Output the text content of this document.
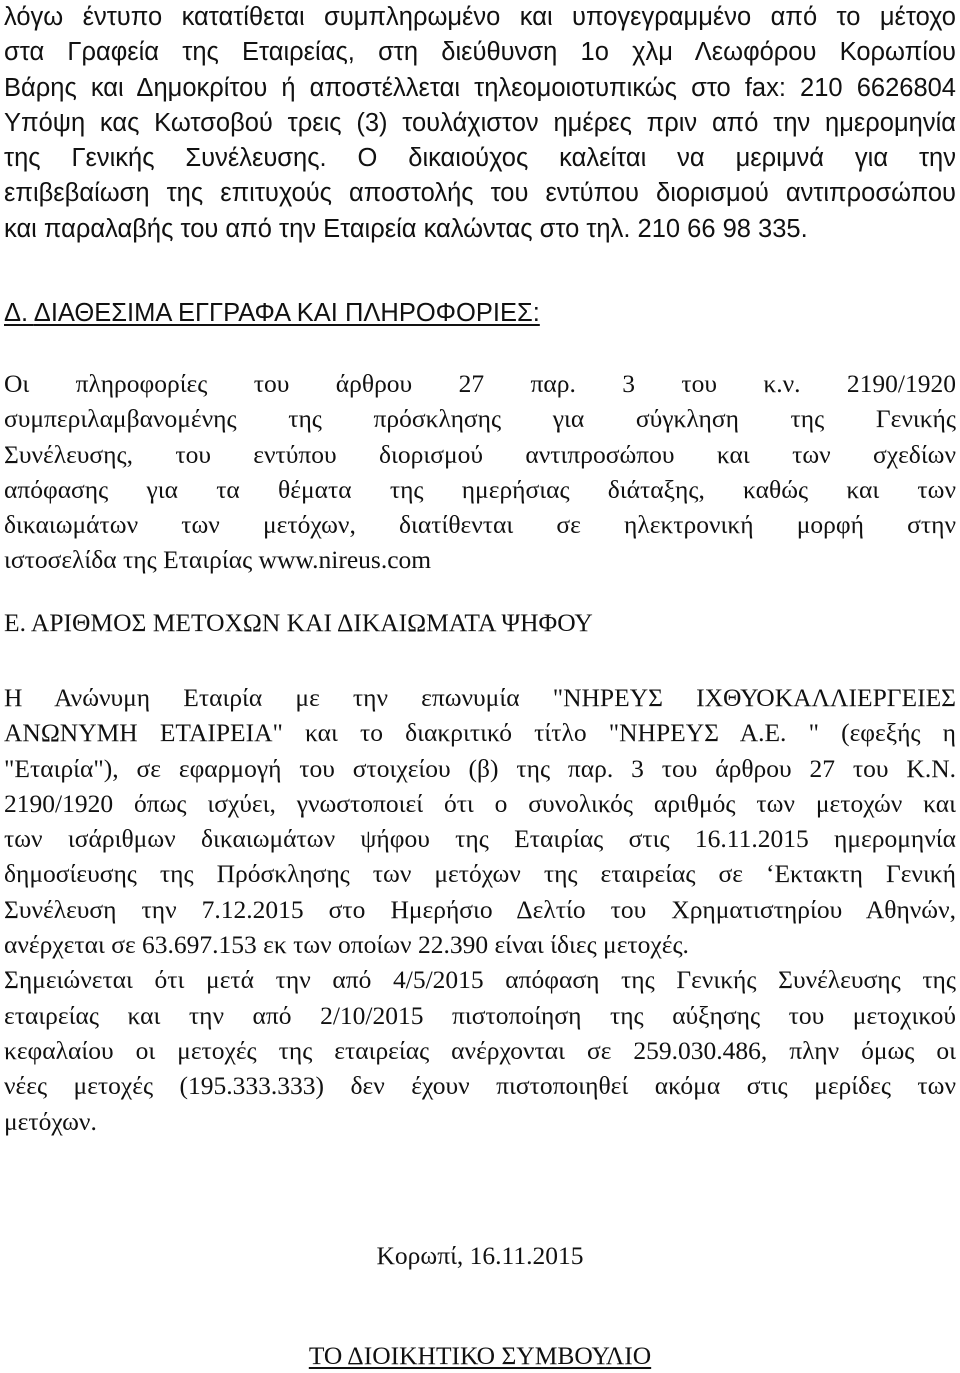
λόγω έντυπο κατατίθεται συμπληρωμένο και υπογεγραμμένο από το μέτοχο
στα Γραφεία της Εταιρείας, στη διεύθυνση 1ο χλμ Λεωφόρου Κορωπίου
Βάρης και Δημοκρίτου ή αποστέλλεται τηλεομοιοτυπικώς στο fax: 210 6626804
Υπόψη κας Κωτσοβού τρεις (3) τουλάχιστον ημέρες πριν από την ημερομηνία
της Γενικής Συνέλευσης. Ο δικαιούχος καλείται να μεριμνά για την
επιβεβαίωση της επιτυχούς αποστολής του εντύπου διορισμού αντιπροσώπου
και παραλαβής του από την Εταιρεία καλώντας στο τηλ. 210 66 98 335.
Δ. ΔΙΑΘΕΣΙΜΑ ΕΓΓΡΑΦΑ ΚΑΙ ΠΛΗΡΟΦΟΡΙΕΣ:
Οι πληροφορίες του άρθρου 27 παρ. 3 του κ.ν. 2190/1920
συμπεριλαμβανομένης της πρόσκλησης για σύγκληση της Γενικής
Συνέλευσης, του εντύπου διορισμού αντιπροσώπου και των σχεδίων
απόφασης για τα θέματα της ημερήσιας διάταξης, καθώς και των
δικαιωμάτων των μετόχων, διατίθενται σε ηλεκτρονική μορφή στην
ιστοσελίδα της Εταιρίας www.nireus.com
Ε. ΑΡΙΘΜΟΣ ΜΕΤΟΧΩΝ ΚΑΙ ΔΙΚΑΙΩΜΑΤΑ ΨΗΦΟΥ
Η Ανώνυμη Εταιρία με την επωνυμία "ΝΗΡΕΥΣ ΙΧΘΥΟΚΑΛΛΙΕΡΓΕΙΕΣ
ΑΝΩΝΥΜΗ ΕΤΑΙΡΕΙΑ" και το διακριτικό τίτλο "ΝΗΡΕΥΣ Α.Ε. " (εφεξής η
"Εταιρία"), σε εφαρμογή του στοιχείου (β) της παρ. 3 του άρθρου 27 του Κ.Ν.
2190/1920 όπως ισχύει, γνωστοποιεί ότι ο συνολικός αριθμός των μετοχών και
των ισάριθμων δικαιωμάτων ψήφου της Εταιρίας στις 16.11.2015 ημερομηνία
δημοσίευσης της Πρόσκλησης των μετόχων της εταιρείας σε ‘Εκτακτη Γενική
Συνέλευση την 7.12.2015 στο Ημερήσιο Δελτίο του Χρηματιστηρίου Αθηνών,
ανέρχεται σε 63.697.153 εκ των οποίων 22.390 είναι ίδιες μετοχές.
Σημειώνεται ότι μετά την από 4/5/2015 απόφαση της Γενικής Συνέλευσης της
εταιρείας και την από 2/10/2015 πιστοποίηση της αύξησης του μετοχικού
κεφαλαίου οι μετοχές της εταιρείας ανέρχονται σε 259.030.486, πλην όμως οι
νέες μετοχές (195.333.333) δεν έχουν πιστοποιηθεί ακόμα στις μερίδες των
μετόχων.
Κορωπί, 16.11.2015
ΤΟ ΔΙΟΙΚΗΤΙΚΟ ΣΥΜΒΟΥΛΙΟ
